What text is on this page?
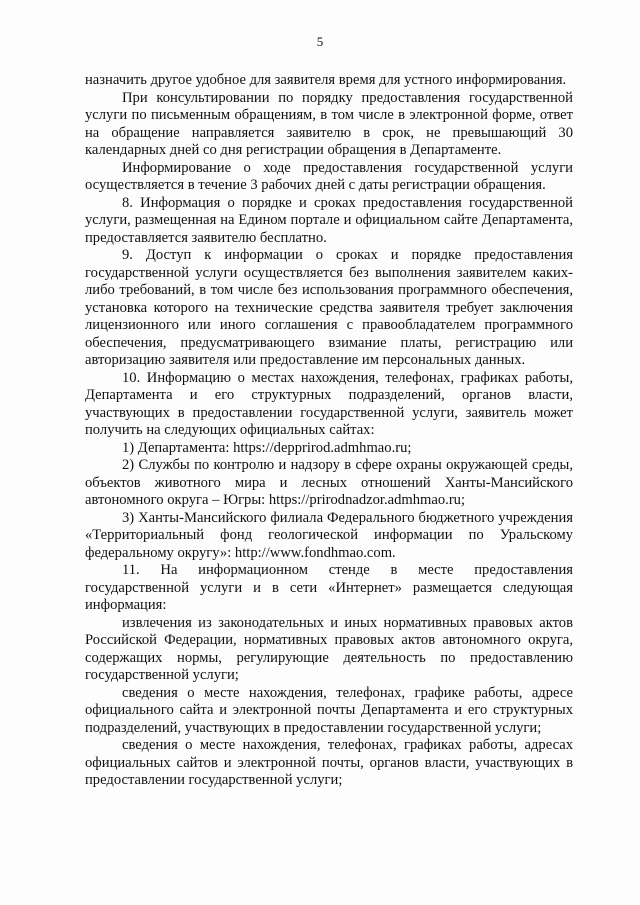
5

назначить другое удобное для заявителя время для устного информирования.

При консультировании по порядку предоставления государственной услуги по письменным обращениям, в том числе в электронной форме, ответ на обращение направляется заявителю в срок, не превышающий 30 календарных дней со дня регистрации обращения в Департаменте.

Информирование о ходе предоставления государственной услуги осуществляется в течение 3 рабочих дней с даты регистрации обращения.

8. Информация о порядке и сроках предоставления государственной услуги, размещенная на Едином портале и официальном сайте Департамента, предоставляется заявителю бесплатно.

9. Доступ к информации о сроках и порядке предоставления государственной услуги осуществляется без выполнения заявителем каких-либо требований, в том числе без использования программного обеспечения, установка которого на технические средства заявителя требует заключения лицензионного или иного соглашения с правообладателем программного обеспечения, предусматривающего взимание платы, регистрацию или авторизацию заявителя или предоставление им персональных данных.

10. Информацию о местах нахождения, телефонах, графиках работы, Департамента и его структурных подразделений, органов власти, участвующих в предоставлении государственной услуги, заявитель может получить на следующих официальных сайтах:

1) Департамента: https://depprirod.admhmao.ru;

2) Службы по контролю и надзору в сфере охраны окружающей среды, объектов животного мира и лесных отношений Ханты-Мансийского автономного округа – Югры: https://prirodnadzor.admhmao.ru;

3) Ханты-Мансийского филиала Федерального бюджетного учреждения «Территориальный фонд геологической информации по Уральскому федеральному округу»: http://www.fondhmao.com.

11. На информационном стенде в месте предоставления государственной услуги и в сети «Интернет» размещается следующая информация:

извлечения из законодательных и иных нормативных правовых актов Российской Федерации, нормативных правовых актов автономного округа, содержащих нормы, регулирующие деятельность по предоставлению государственной услуги;

сведения о месте нахождения, телефонах, графике работы, адресе официального сайта и электронной почты Департамента и его структурных подразделений, участвующих в предоставлении государственной услуги;

сведения о месте нахождения, телефонах, графиках работы, адресах официальных сайтов и электронной почты, органов власти, участвующих в предоставлении государственной услуги;
